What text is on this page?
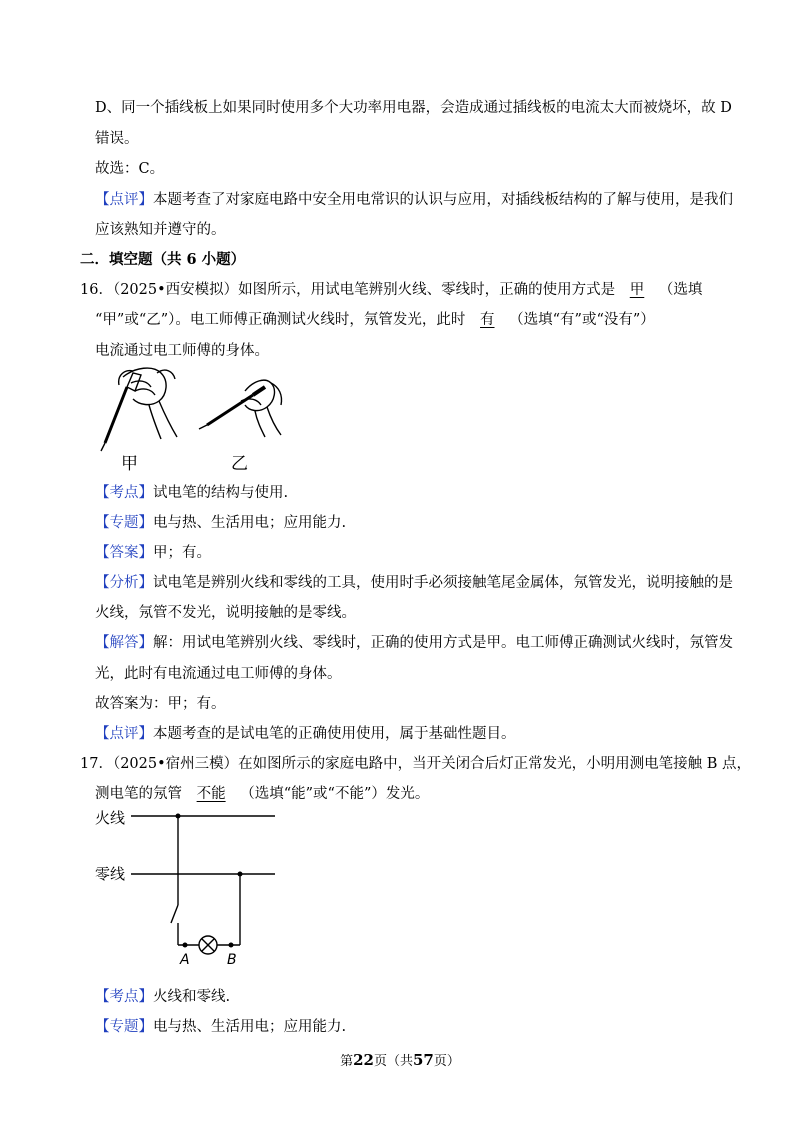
D、同一个插线板上如果同时使用多个大功率用电器，会造成通过插线板的电流太大而被烧坏，故 D
错误。
故选：C。
【点评】本题考查了对家庭电路中安全用电常识的认识与应用，对插线板结构的了解与使用，是我们
应该熟知并遵守的。
二．填空题（共 6 小题）
16．（2025•西安模拟）如图所示，用试电笔辨别火线、零线时，正确的使用方式是 甲 （选填
“甲”或“乙”）。电工师傅正确测试火线时，氖管发光，此时 有 （选填“有”或“没有”）
电流通过电工师傅的身体。
甲	乙
【考点】试电笔的结构与使用.
【专题】电与热、生活用电；应用能力.
【答案】甲；有。
【分析】试电笔是辨别火线和零线的工具，使用时手必须接触笔尾金属体，氖管发光，说明接触的是
火线，氖管不发光，说明接触的是零线。
【解答】解：用试电笔辨别火线、零线时，正确的使用方式是甲。电工师傅正确测试火线时，氖管发
光，此时有电流通过电工师傅的身体。
故答案为：甲；有。
【点评】本题考查的是试电笔的正确使用使用，属于基础性题目。
17．（2025•宿州三模）在如图所示的家庭电路中，当开关闭合后灯正常发光，小明用测电笔接触 B 点，
测电笔的氖管 不能 （选填“能”或“不能”）发光。
火线
零线
A	B
【考点】火线和零线.
【专题】电与热、生活用电；应用能力.
第22页（共57页）
